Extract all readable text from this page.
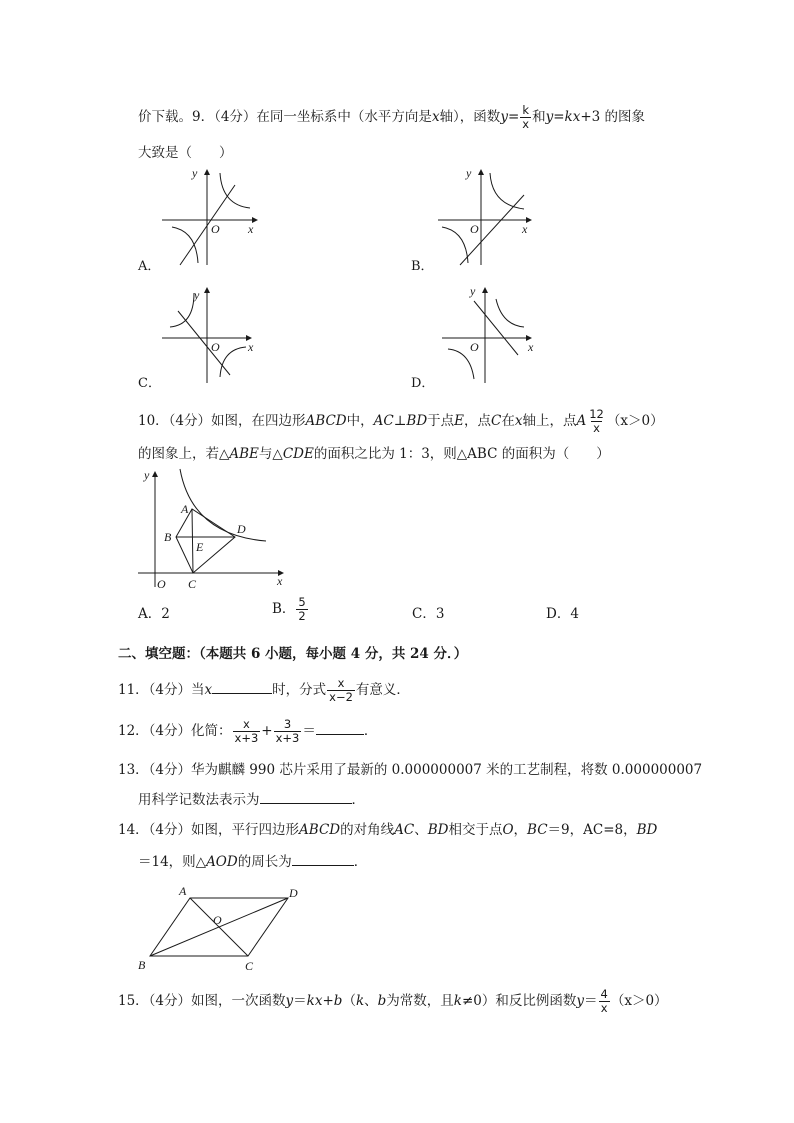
价下载。9．（4分）在同一坐标系中（水平方向是x轴），函数$y= \frac{k}{x}$ 和y=kx+3 的图象
大致是（　　）
y
O x
A．
y
O	x
B．
y
O x
C．
y
O	x
D．
10．（4分）如图，在四边形ABCD中，AC⊥BD于点E，点C在x轴上，点A $\frac{12}{x} (x>0)$
的图象上，若△ABE与△CDE的面积之比为 1：3，则△ABC 的面积为（　　）
y
x
O
A
B
C
D
E
A．2	B． $\frac{5}{2}$	C．3	D．4
二、填空题：（本题共 6 小题，每小题 4 分，共 24 分．）
11．（4分）当x	时，分式 $\frac{x}{x-2}$ 有意义．
12．（4分）化简： $\frac{x}{x+3} + \frac{3}{x+3}$ ＝	．
13．（4分）华为麒麟 990 芯片采用了最新的 0.000000007 米的工艺制程，将数 0.000000007
用科学记数法表示为	．
14．（4分）如图，平行四边形ABCD的对角线AC、BD相交于点O，BC＝9，AC=8，BD
＝14，则△AOD的周长为	．
A	D
O
B	C
15．（4分）如图，一次函数y＝kx+b（k、b为常数，且k≠0）和反比例函数$y= \frac{4}{x} (x>0)$
